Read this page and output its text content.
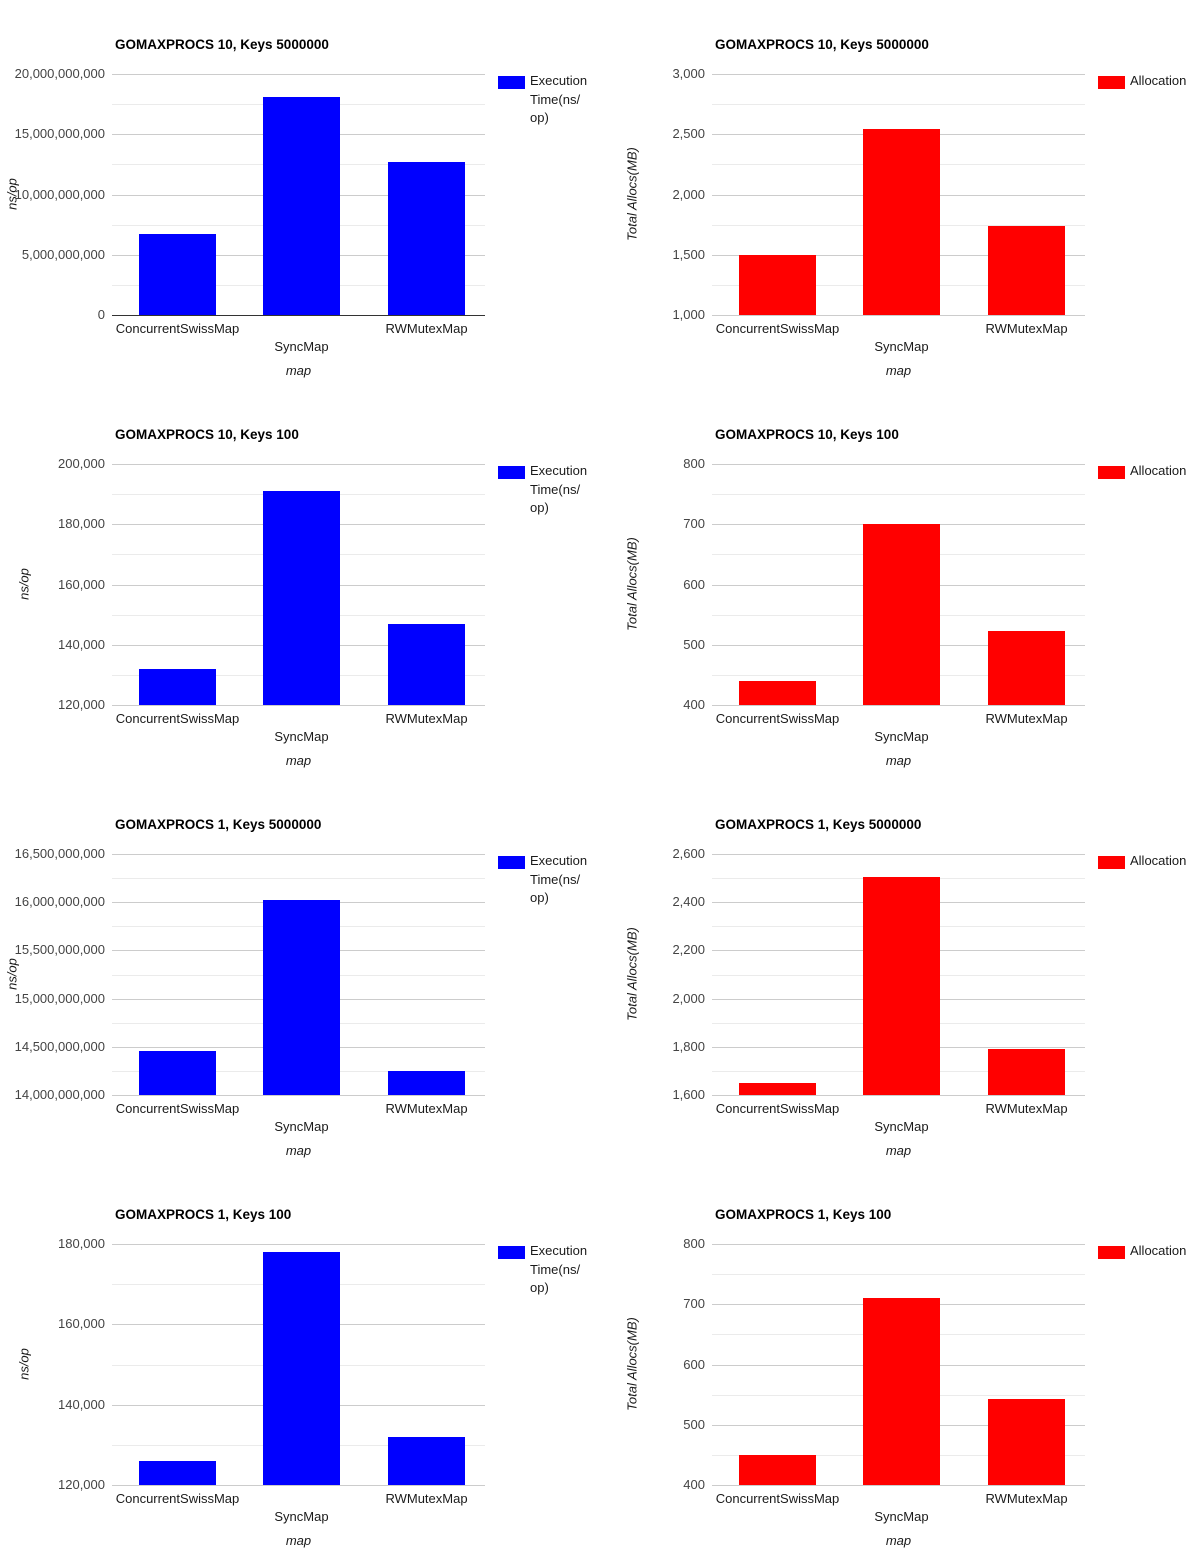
GOMAXPROCS 10, Keys 5000000
ns/op
0
5,000,000,000
10,000,000,000
15,000,000,000
20,000,000,000
ConcurrentSwissMap
SyncMap
RWMutexMap
map
Execution
Time(ns/
op)
GOMAXPROCS 10, Keys 5000000
Total Allocs(MB)
1,000
1,500
2,000
2,500
3,000
ConcurrentSwissMap
SyncMap
RWMutexMap
map
Allocation
GOMAXPROCS 10, Keys 100
ns/op
120,000
140,000
160,000
180,000
200,000
ConcurrentSwissMap
SyncMap
RWMutexMap
map
Execution
Time(ns/
op)
GOMAXPROCS 10, Keys 100
Total Allocs(MB)
400
500
600
700
800
ConcurrentSwissMap
SyncMap
RWMutexMap
map
Allocation
GOMAXPROCS 1, Keys 5000000
ns/op
14,000,000,000
14,500,000,000
15,000,000,000
15,500,000,000
16,000,000,000
16,500,000,000
ConcurrentSwissMap
SyncMap
RWMutexMap
map
Execution
Time(ns/
op)
GOMAXPROCS 1, Keys 5000000
Total Allocs(MB)
1,600
1,800
2,000
2,200
2,400
2,600
ConcurrentSwissMap
SyncMap
RWMutexMap
map
Allocation
GOMAXPROCS 1, Keys 100
ns/op
120,000
140,000
160,000
180,000
ConcurrentSwissMap
SyncMap
RWMutexMap
map
Execution
Time(ns/
op)
GOMAXPROCS 1, Keys 100
Total Allocs(MB)
400
500
600
700
800
ConcurrentSwissMap
SyncMap
RWMutexMap
map
Allocation
